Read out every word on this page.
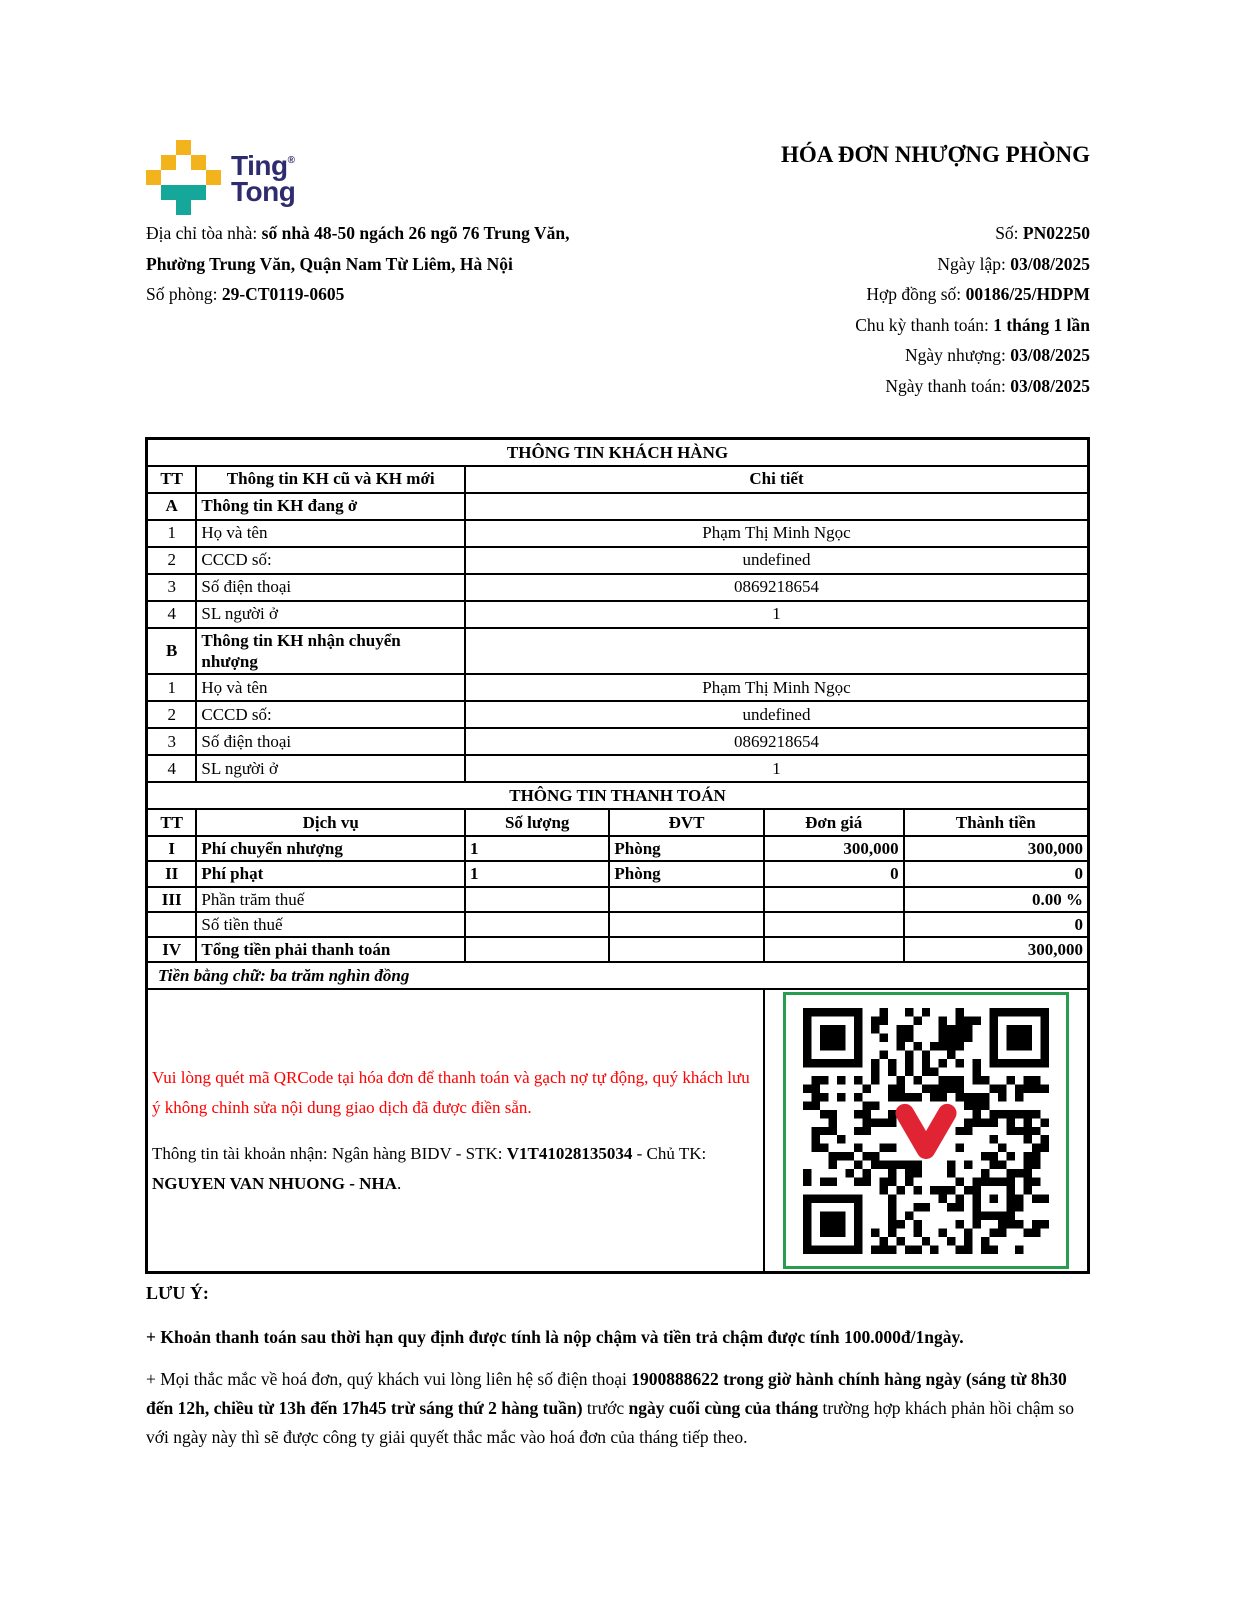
Ting®
Tong
HÓA ĐƠN NHƯỢNG PHÒNG
Địa chỉ tòa nhà: số nhà 48-50 ngách 26 ngõ 76 Trung Văn,
Phường Trung Văn, Quận Nam Từ Liêm, Hà Nội
Số phòng: 29-CT0119-0605
Số: PN02250
Ngày lập: 03/08/2025
Hợp đồng số: 00186/25/HDPM
Chu kỳ thanh toán: 1 tháng 1 lần
Ngày nhượng: 03/08/2025
Ngày thanh toán: 03/08/2025
THÔNG TIN KHÁCH HÀNG					
TT	Thông tin KH cũ và KH mới	Chi tiết			
A	Thông tin KH đang ở				
1	Họ và tên	Phạm Thị Minh Ngọc			
2	CCCD số:	undefined			
3	Số điện thoại	0869218654			
4	SL người ở	1			
B	Thông tin KH nhận chuyển nhượng				
1	Họ và tên	Phạm Thị Minh Ngọc			
2	CCCD số:	undefined			
3	Số điện thoại	0869218654			
4	SL người ở	1			
THÔNG TIN THANH TOÁN					
TT	Dịch vụ	Số lượng	ĐVT	Đơn giá	Thành tiền
I	Phí chuyển nhượng	1	Phòng	300,000	300,000
II	Phí phạt	1	Phòng	0	0
III	Phần trăm thuế				0.00 %
	Số tiền thuế				0
IV	Tổng tiền phải thanh toán				300,000
Tiền bằng chữ: ba trăm nghìn đồng					

Vui lòng quét mã QRCode tại hóa đơn để thanh toán và gạch nợ tự động, quý khách lưu ý không chỉnh sửa nội dung giao dịch đã được điền sẵn.
Thông tin tài khoản nhận: Ngân hàng BIDV - STK: V1T41028135034 - Chủ TK: NGUYEN VAN NHUONG - NHA.

LƯU Ý:

+ Khoản thanh toán sau thời hạn quy định được tính là nộp chậm và tiền trả chậm được tính 100.000đ/1ngày.

+ Mọi thắc mắc về hoá đơn, quý khách vui lòng liên hệ số điện thoại 1900888622 trong giờ hành chính hàng ngày (sáng từ 8h30 đến 12h, chiều từ 13h đến 17h45 trừ sáng thứ 2 hàng tuần) trước ngày cuối cùng của tháng trường hợp khách phản hồi chậm so với ngày này thì sẽ được công ty giải quyết thắc mắc vào hoá đơn của tháng tiếp theo.
